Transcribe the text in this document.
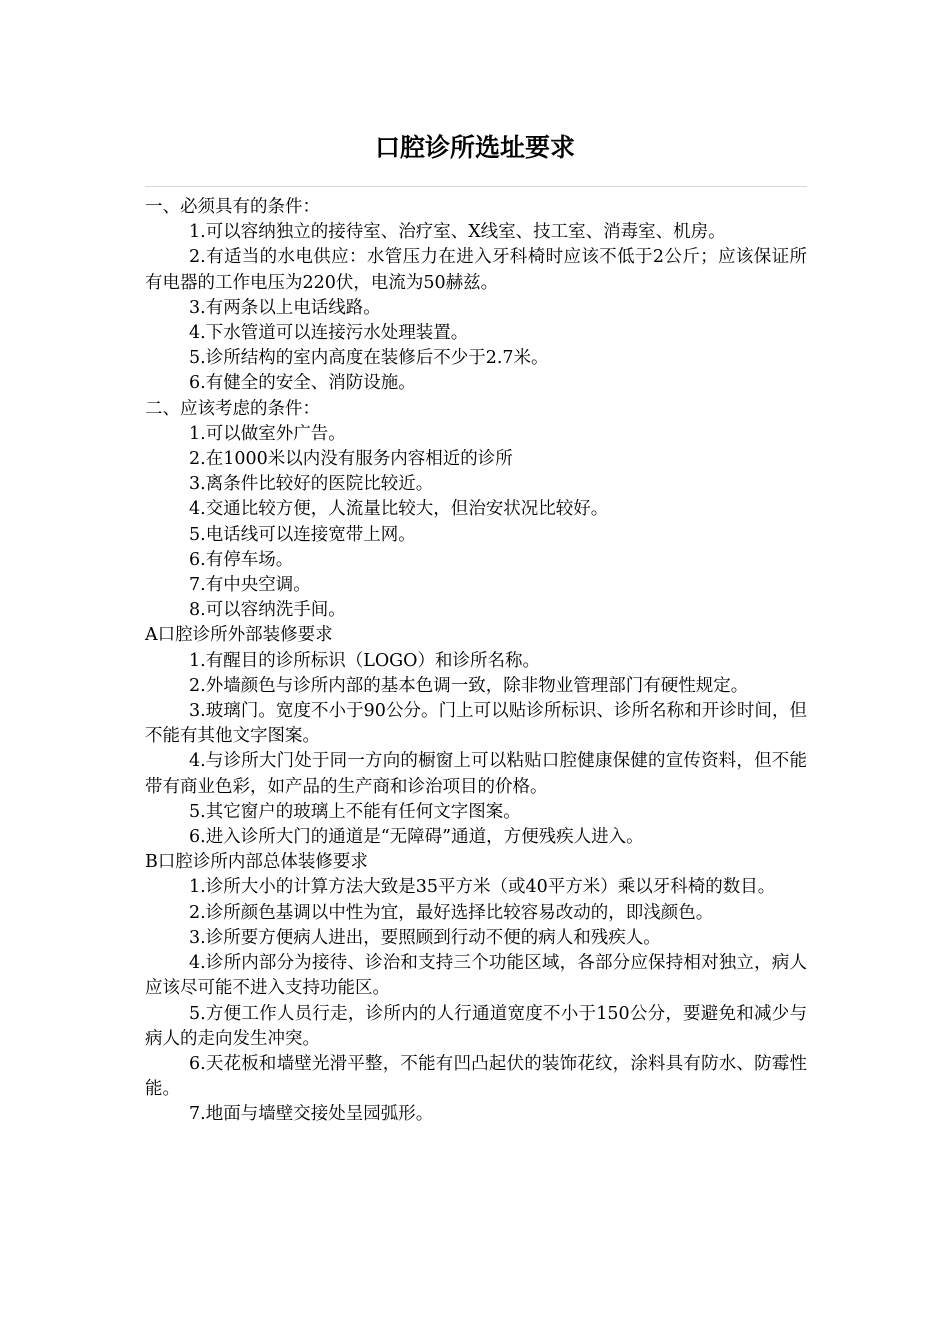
口腔诊所选址要求

一、必须具有的条件：

1.可以容纳独立的接待室、治疗室、X线室、技工室、消毒室、机房。

2.有适当的水电供应：水管压力在进入牙科椅时应该不低于2公斤；应该保证所有电器的工作电压为220伏，电流为50赫兹。

3.有两条以上电话线路。

4.下水管道可以连接污水处理装置。

5.诊所结构的室内高度在装修后不少于2.7米。

6.有健全的安全、消防设施。

二、应该考虑的条件：

1.可以做室外广告。

2.在1000米以内没有服务内容相近的诊所

3.离条件比较好的医院比较近。

4.交通比较方便，人流量比较大，但治安状况比较好。

5.电话线可以连接宽带上网。

6.有停车场。

7.有中央空调。

8.可以容纳洗手间。

A口腔诊所外部装修要求

1.有醒目的诊所标识（LOGO）和诊所名称。

2.外墙颜色与诊所内部的基本色调一致，除非物业管理部门有硬性规定。

3.玻璃门。宽度不小于90公分。门上可以贴诊所标识、诊所名称和开诊时间，但不能有其他文字图案。

4.与诊所大门处于同一方向的橱窗上可以粘贴口腔健康保健的宣传资料，但不能带有商业色彩，如产品的生产商和诊治项目的价格。

5.其它窗户的玻璃上不能有任何文字图案。

6.进入诊所大门的通道是“无障碍”通道，方便残疾人进入。

B口腔诊所内部总体装修要求

1.诊所大小的计算方法大致是35平方米（或40平方米）乘以牙科椅的数目。

2.诊所颜色基调以中性为宜，最好选择比较容易改动的，即浅颜色。

3.诊所要方便病人进出，要照顾到行动不便的病人和残疾人。

4.诊所内部分为接待、诊治和支持三个功能区域，各部分应保持相对独立，病人应该尽可能不进入支持功能区。

5.方便工作人员行走，诊所内的人行通道宽度不小于150公分，要避免和减少与病人的走向发生冲突。

6.天花板和墙壁光滑平整，不能有凹凸起伏的装饰花纹，涂料具有防水、防霉性能。

7.地面与墙壁交接处呈园弧形。
